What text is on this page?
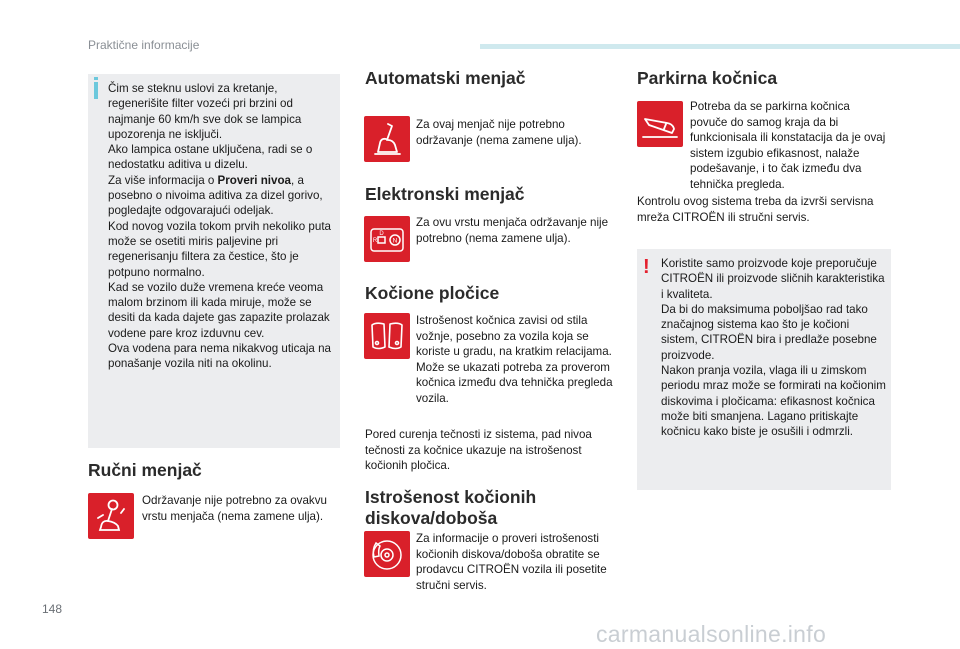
Praktične informacije
Čim se steknu uslovi za kretanje, regenerišite filter vozeći pri brzini od najmanje 60 km/h sve dok se lampica upozorenja ne isključi.
Ako lampica ostane uključena, radi se o nedostatku aditiva u dizelu.
Za više informacija o Proveri nivoa, a posebno o nivoima aditiva za dizel gorivo, pogledajte odgovarajući odeljak.
Kod novog vozila tokom prvih nekoliko puta može se osetiti miris paljevine pri regenerisanju filtera za čestice, što je potpuno normalno.
Kad se vozilo duže vremena kreće veoma malom brzinom ili kada miruje, može se desiti da kada dajete gas zapazite prolazak vodene pare kroz izduvnu cev.
Ova vodena para nema nikakvog uticaja na ponašanje vozila niti na okolinu.
Ručni menjač
Održavanje nije potrebno za ovakvu vrstu menjača (nema zamene ulja).
Automatski menjač
Za ovaj menjač nije potrebno održavanje (nema zamene ulja).
Elektronski menjač
D
R N
Za ovu vrstu menjača održavanje nije potrebno (nema zamene ulja).
Kočione pločice
Istrošenost kočnica zavisi od stila vožnje, posebno za vozila koja se koriste u gradu, na kratkim relacijama. Može se ukazati potreba za proverom kočnica između dva tehnička pregleda vozila.
Pored curenja tečnosti iz sistema, pad nivoa tečnosti za kočnice ukazuje na istrošenost kočionih pločica.
Istrošenost kočionih diskova/doboša
Za informacije o proveri istrošenosti kočionih diskova/doboša obratite se prodavcu CITROËN vozila ili posetite stručni servis.
Parkirna kočnica
Potreba da se parkirna kočnica povuče do samog kraja da bi funkcionisala ili konstatacija da je ovaj sistem izgubio efikasnost, nalaže podešavanje, i to čak između dva tehnička pregleda.
Kontrolu ovog sistema treba da izvrši servisna mreža CITROËN ili stručni servis.
! Koristite samo proizvode koje preporučuje CITROËN ili proizvode sličnih karakteristika i kvaliteta.
Da bi do maksimuma poboljšao rad tako značajnog sistema kao što je kočioni sistem, CITROËN bira i predlaže posebne proizvode.
Nakon pranja vozila, vlaga ili u zimskom periodu mraz može se formirati na kočionim diskovima i pločicama: efikasnost kočnica može biti smanjena. Lagano pritiskajte kočnicu kako biste je osušili i odmrzli.
148
carmanualsonline.info
